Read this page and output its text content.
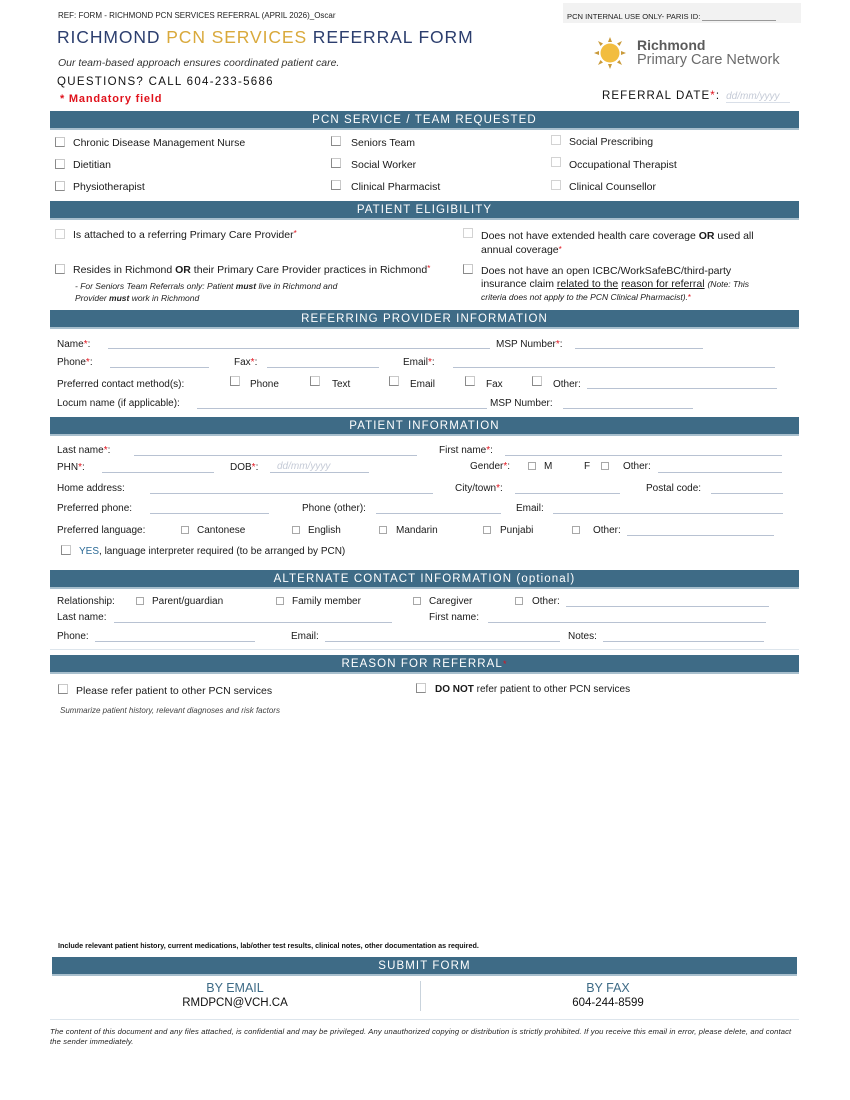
REF: FORM - RICHMOND PCN SERVICES REFERRAL (APRIL 2026)_Oscar
RICHMOND PCN SERVICES REFERRAL FORM
Our team-based approach ensures coordinated patient care.
QUESTIONS? CALL 604-233-5686
* Mandatory field
PCN INTERNAL USE ONLY- PARIS ID:
Richmond
Primary Care Network
REFERRAL DATE*: dd/mm/yyyy
PCN SERVICE / TEAM REQUESTED
Chronic Disease Management Nurse	Seniors Team	Social Prescribing
Dietitian	Social Worker	Occupational Therapist
Physiotherapist	Clinical Pharmacist	Clinical Counsellor
PATIENT ELIGIBILITY
Is attached to a referring Primary Care Provider*	Does not have extended health care coverage OR used all
annual coverage*
Resides in Richmond OR their Primary Care Provider practices in Richmond*
- For Seniors Team Referrals only: Patient must live in Richmond and
Provider must work in Richmond
Does not have an open ICBC/WorkSafeBC/third-party
insurance claim related to the reason for referral (Note: This
criteria does not apply to the PCN Clinical Pharmacist).*
REFERRING PROVIDER INFORMATION
Name*:	MSP Number*:
Phone*:	Fax*:	Email*:
Preferred contact method(s):	Phone	Text	Email	Fax	Other:
Locum name (if applicable):	MSP Number:
PATIENT INFORMATION
Last name*:	First name*:
PHN*:	DOB*: dd/mm/yyyy	Gender*:	M	F	Other:
Home address:	City/town*:	Postal code:
Preferred phone:	Phone (other):	Email:
Preferred language:	Cantonese	English	Mandarin	Punjabi	Other:
YES, language interpreter required (to be arranged by PCN)
ALTERNATE CONTACT INFORMATION (optional)
Relationship:	Parent/guardian	Family member	Caregiver	Other:
Last name:	First name:
Phone:	Email:	Notes:
REASON FOR REFERRAL*
Please refer patient to other PCN services	DO NOT refer patient to other PCN services
Summarize patient history, relevant diagnoses and risk factors
Include relevant patient history, current medications, lab/other test results, clinical notes, other documentation as required.
SUBMIT FORM
BY EMAIL
RMDPCN@VCH.CA
BY FAX
604-244-8599
The content of this document and any files attached, is confidential and may be privileged. Any unauthorized copying or distribution is strictly prohibited. If you receive this email in error, please delete, and contact the sender immediately.
